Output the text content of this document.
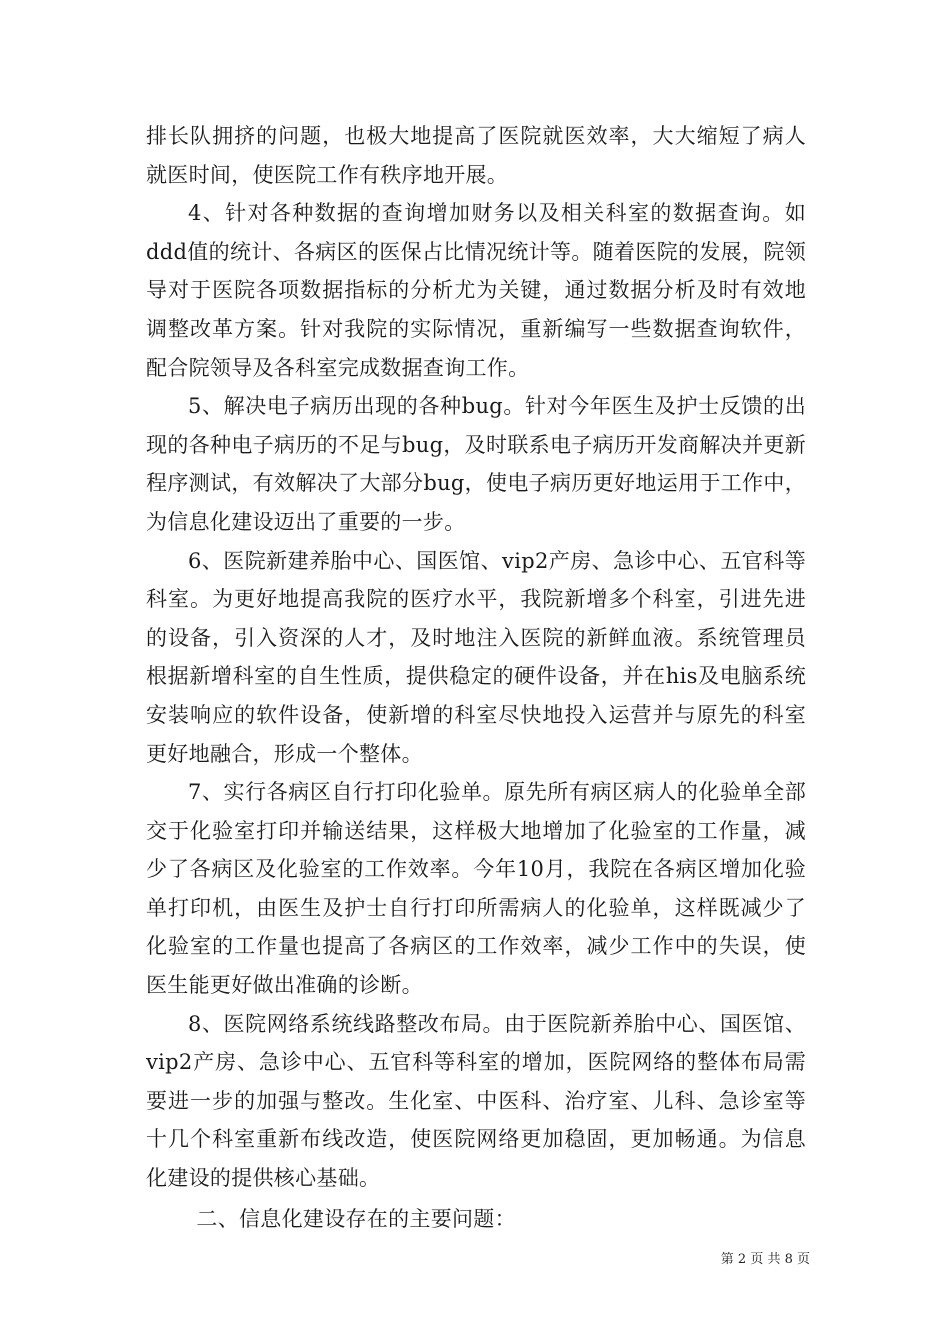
排长队拥挤的问题，也极大地提高了医院就医效率，大大缩短了病人就医时间，使医院工作有秩序地开展。

4、针对各种数据的查询增加财务以及相关科室的数据查询。如ddd值的统计、各病区的医保占比情况统计等。随着医院的发展，院领导对于医院各项数据指标的分析尤为关键，通过数据分析及时有效地调整改革方案。针对我院的实际情况，重新编写一些数据查询软件，配合院领导及各科室完成数据查询工作。

5、解决电子病历出现的各种bug。针对今年医生及护士反馈的出现的各种电子病历的不足与bug，及时联系电子病历开发商解决并更新程序测试，有效解决了大部分bug，使电子病历更好地运用于工作中，为信息化建设迈出了重要的一步。

6、医院新建养胎中心、国医馆、vip2产房、急诊中心、五官科等科室。为更好地提高我院的医疗水平，我院新增多个科室，引进先进的设备，引入资深的人才，及时地注入医院的新鲜血液。系统管理员根据新增科室的自生性质，提供稳定的硬件设备，并在his及电脑系统安装响应的软件设备，使新增的科室尽快地投入运营并与原先的科室更好地融合，形成一个整体。

7、实行各病区自行打印化验单。原先所有病区病人的化验单全部交于化验室打印并输送结果，这样极大地增加了化验室的工作量，减少了各病区及化验室的工作效率。今年10月，我院在各病区增加化验单打印机，由医生及护士自行打印所需病人的化验单，这样既减少了化验室的工作量也提高了各病区的工作效率，减少工作中的失误，使医生能更好做出准确的诊断。

8、医院网络系统线路整改布局。由于医院新养胎中心、国医馆、vip2产房、急诊中心、五官科等科室的增加，医院网络的整体布局需要进一步的加强与整改。生化室、中医科、治疗室、儿科、急诊室等十几个科室重新布线改造，使医院网络更加稳固，更加畅通。为信息化建设的提供核心基础。

二、信息化建设存在的主要问题：

第 2 页 共 8 页
